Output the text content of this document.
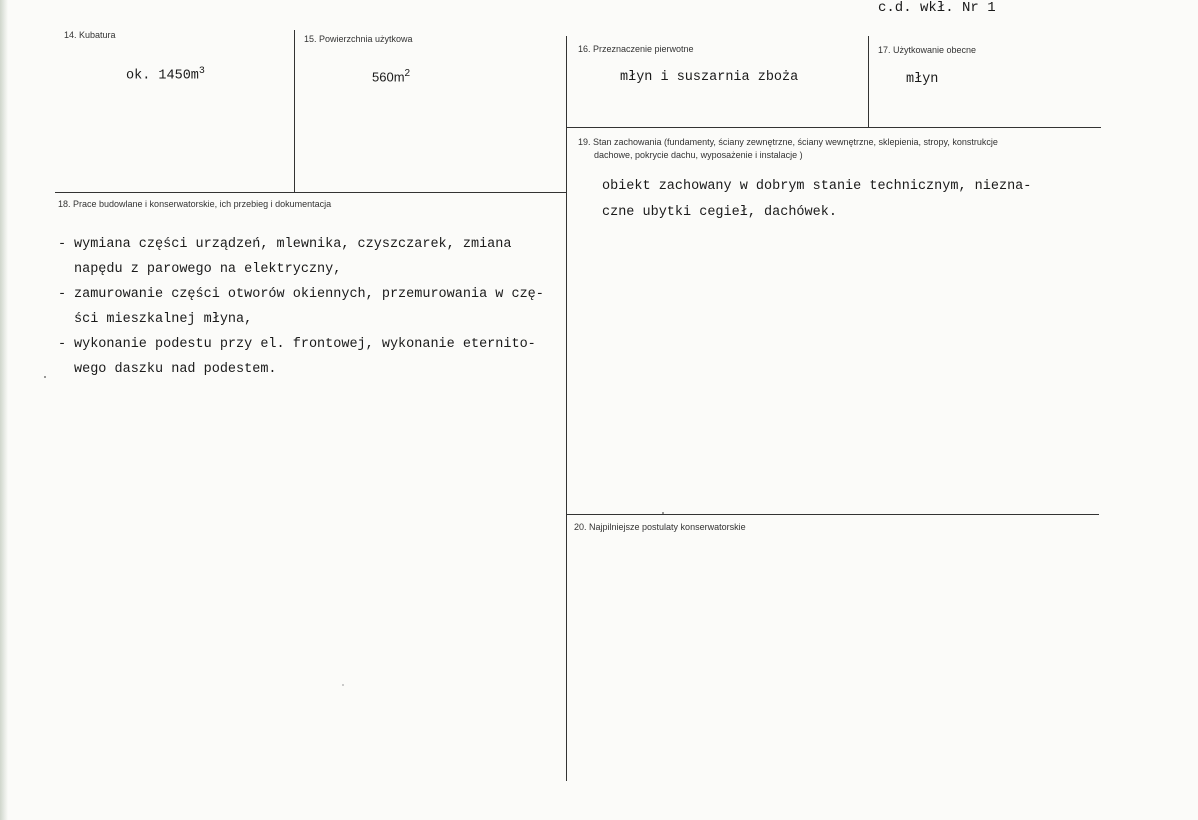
c.d. wkł. Nr 1
14. Kubatura
ok. $1450m^3$
15. Powierzchnia użytkowa
$560m^2$
16. Przeznaczenie pierwotne
młyn i suszarnia zboża
17. Użytkowanie obecne
młyn
18. Prace budowlane i konserwatorskie, ich przebieg i dokumentacja
- wymiana części urządzeń, mlewnika, czyszczarek, zmiana
napędu z parowego na elektryczny,
- zamurowanie części otworów okiennych, przemurowania w czę-
ści mieszkalnej młyna,
- wykonanie podestu przy el. frontowej, wykonanie eternito-
wego daszku nad podestem.
19. Stan zachowania (fundamenty, ściany zewnętrzne, ściany wewnętrzne, sklepienia, stropy, konstrukcje
dachowe, pokrycie dachu, wyposażenie i instalacje )
obiekt zachowany w dobrym stanie technicznym, niezna-
czne ubytki cegieł, dachówek.
20. Najpilniejsze postulaty konserwatorskie
